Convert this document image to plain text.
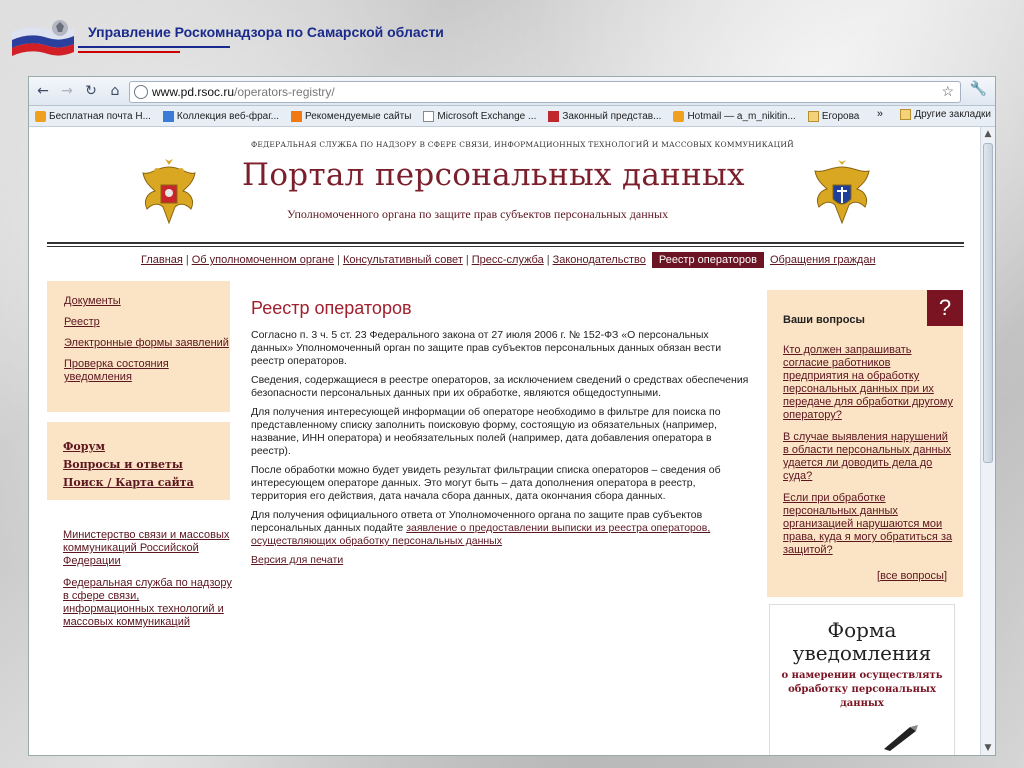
Управление Роскомнадзора по Самарской области
← → ↻ ⌂	www.pd.rsoc.ru /operators-registry/	☆ 🔧
Бесплатная почта H...	Коллекция веб-фраг...	Рекомендуемые сайты	Microsoft Exchange ...	Законный представ...	Hotmail — a_m_nikitin...	Егорова »	Другие закладки
ФЕДЕРАЛЬНАЯ СЛУЖБА ПО НАДЗОРУ В СФЕРЕ СВЯЗИ, ИНФОРМАЦИОННЫХ ТЕХНОЛОГИЙ И МАССОВЫХ КОММУНИКАЦИЙ
Портал персональных данных
Уполномоченного органа по защите прав субъектов персональных данных
Главная | Об уполномоченном органе | Консультативный совет | Пресс-служба | Законодательство	Реестр операторов	Обращения граждан
Документы
Реестр
Электронные формы заявлений
Проверка состояния уведомления
Форум
Вопросы и ответы
Поиск / Карта сайта
Министерство связи и массовых коммуникаций Российской Федерации
Федеральная служба по надзору в сфере связи, информационных технологий и массовых коммуникаций
Реестр операторов

Согласно п. 3 ч. 5 ст. 23 Федерального закона от 27 июля 2006 г. № 152-ФЗ «О персональных данных» Уполномоченный орган по защите прав субъектов персональных данных обязан вести реестр операторов.

Сведения, содержащиеся в реестре операторов, за исключением сведений о средствах обеспечения безопасности персональных данных при их обработке, являются общедоступными.

Для получения интересующей информации об операторе необходимо в фильтре для поиска по представленному списку заполнить поисковую форму, состоящую из обязательных (например, название, ИНН оператора) и необязательных полей (например, дата добавления оператора в реестр).

После обработки можно будет увидеть результат фильтрации списка операторов – сведения об интересующем операторе данных. Это могут быть – дата дополнения оператора в реестр, территория его действия, дата начала сбора данных, дата окончания сбора данных.

Для получения официального ответа от Уполномоченного органа по защите прав субъектов персональных данных подайте заявление о предоставлении выписки из реестра операторов, осуществляющих обработку персональных данных

Версия для печати

?
Ваши вопросы
Кто должен запрашивать согласие работников предприятия на обработку персональных данных при их передаче для обработки другому оператору?
В случае выявления нарушений в области персональных данных удается ли доводить дела до суда?
Если при обработке персональных данных организацией нарушаются мои права, куда я могу обратиться за защитой?
[все вопросы]
Форма уведомления
о намерении осуществлять обработку персональных данных
▲
▼
